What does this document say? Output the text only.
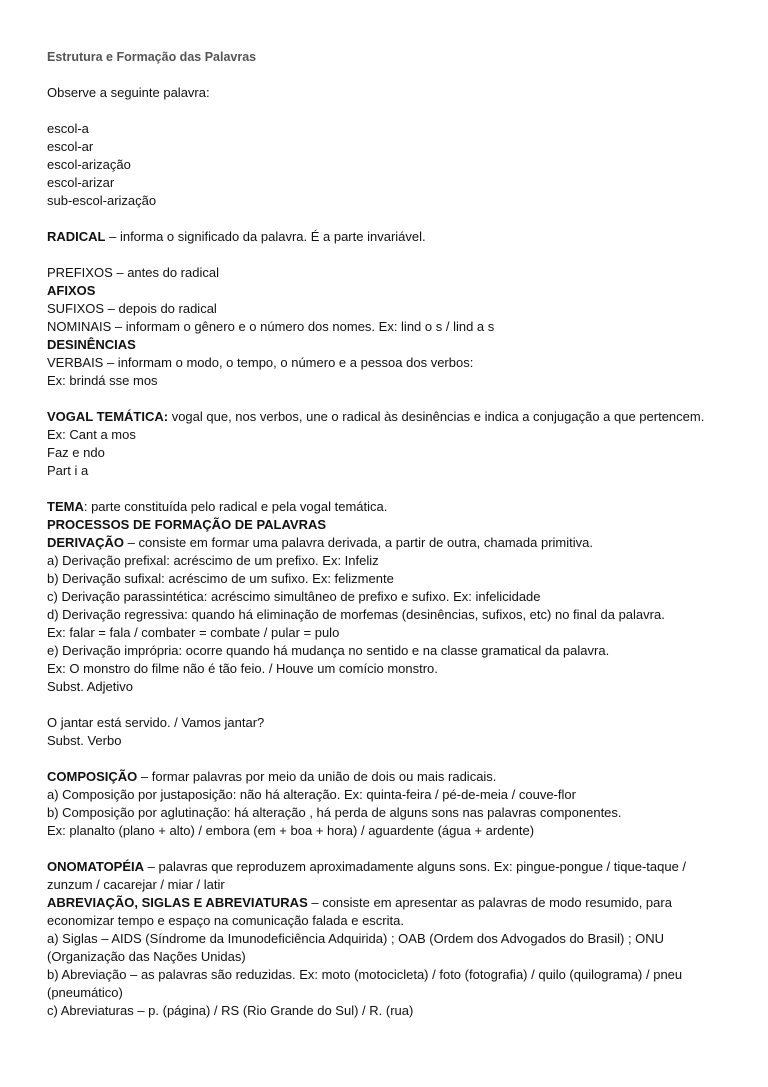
Estrutura e Formação das Palavras
Observe a seguinte palavra:
escol-a
escol-ar
escol-arização
escol-arizar
sub-escol-arização
RADICAL – informa o significado da palavra. É a parte invariável.
PREFIXOS – antes do radical
AFIXOS
SUFIXOS – depois do radical
NOMINAIS – informam o gênero e o número dos nomes. Ex: lind o s / lind a s
DESINÊNCIAS
VERBAIS – informam o modo, o tempo, o número e a pessoa dos verbos:
Ex: brindá sse mos
VOGAL TEMÁTICA: vogal que, nos verbos, une o radical às desinências e indica a conjugação a que pertencem.
Ex: Cant a mos
Faz e ndo
Part i a
TEMA: parte constituída pelo radical e pela vogal temática.
PROCESSOS DE FORMAÇÃO DE PALAVRAS
DERIVAÇÃO – consiste em formar uma palavra derivada, a partir de outra, chamada primitiva.
a) Derivação prefixal: acréscimo de um prefixo. Ex: Infeliz
b) Derivação sufixal: acréscimo de um sufixo. Ex: felizmente
c) Derivação parassintética: acréscimo simultâneo de prefixo e sufixo. Ex: infelicidade
d) Derivação regressiva: quando há eliminação de morfemas (desinências, sufixos, etc) no final da palavra.
Ex: falar = fala / combater = combate / pular = pulo
e) Derivação imprópria: ocorre quando há mudança no sentido e na classe gramatical da palavra.
Ex: O monstro do filme não é tão feio. / Houve um comício monstro.
Subst. Adjetivo
O jantar está servido. / Vamos jantar?
Subst. Verbo
COMPOSIÇÃO – formar palavras por meio da união de dois ou mais radicais.
a) Composição por justaposição: não há alteração. Ex: quinta-feira / pé-de-meia / couve-flor
b) Composição por aglutinação: há alteração , há perda de alguns sons nas palavras componentes.
Ex: planalto (plano + alto) / embora (em + boa + hora) / aguardente (água + ardente)
ONOMATOPÉIA – palavras que reproduzem aproximadamente alguns sons. Ex: pingue-pongue / tique-taque /
zunzum / cacarejar / miar / latir
ABREVIAÇÃO, SIGLAS E ABREVIATURAS – consiste em apresentar as palavras de modo resumido, para
economizar tempo e espaço na comunicação falada e escrita.
a) Siglas – AIDS (Síndrome da Imunodeficiência Adquirida) ; OAB (Ordem dos Advogados do Brasil) ; ONU
(Organização das Nações Unidas)
b) Abreviação – as palavras são reduzidas. Ex: moto (motocicleta) / foto (fotografia) / quilo (quilograma) / pneu
(pneumático)
c) Abreviaturas – p. (página) / RS (Rio Grande do Sul) / R. (rua)
